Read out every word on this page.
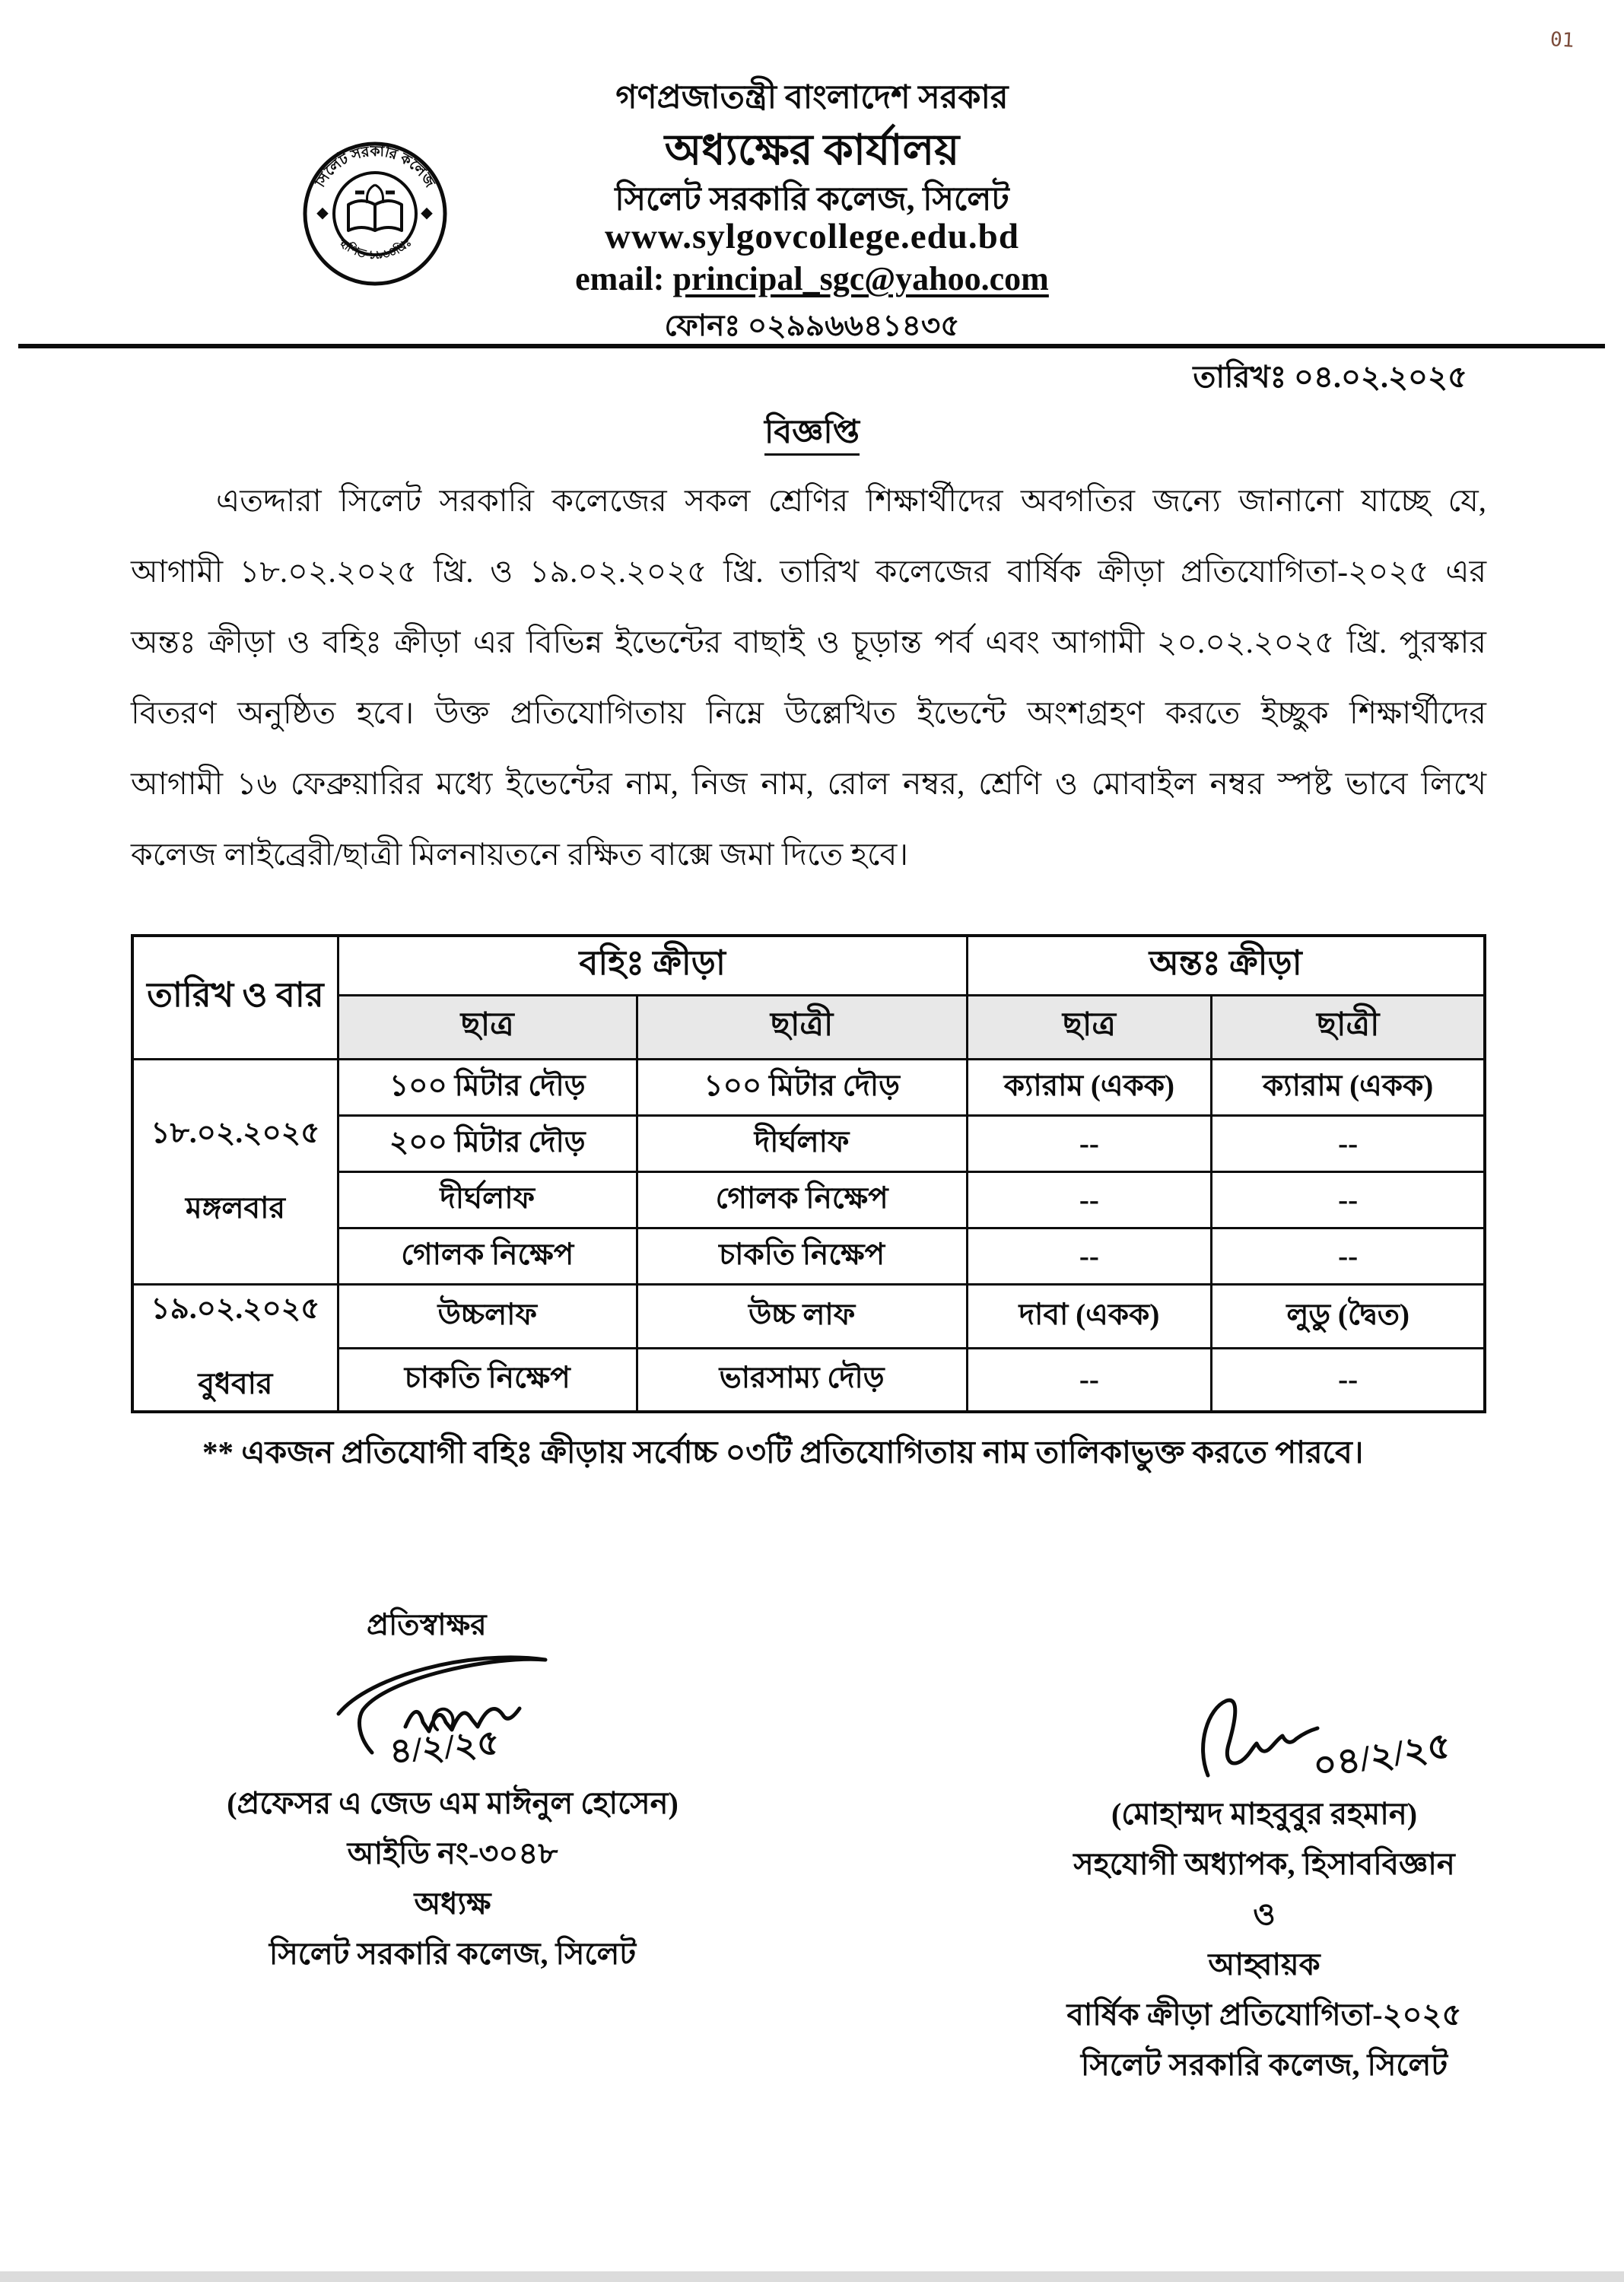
01
সিলেট সরকারি কলেজ
স্থাপিত-১৯৬৪খ্রিঃ
গণপ্রজাতন্ত্রী বাংলাদেশ সরকার
অধ্যক্ষের কার্যালয়
সিলেট সরকারি কলেজ, সিলেট
www.sylgovcollege.edu.bd
email: principal_sgc@yahoo.com
ফোনঃ ০২৯৯৬৬৪১৪৩৫
তারিখঃ ০৪.০২.২০২৫
বিজ্ঞপ্তি
এতদ্দারা সিলেট সরকারি কলেজের সকল শ্রেণির শিক্ষার্থীদের অবগতির জন্যে জানানো যাচ্ছে যে,
আগামী ১৮.০২.২০২৫ খ্রি. ও ১৯.০২.২০২৫ খ্রি. তারিখ কলেজের বার্ষিক ক্রীড়া প্রতিযোগিতা-২০২৫ এর
অন্তঃ ক্রীড়া ও বহিঃ ক্রীড়া এর বিভিন্ন ইভেন্টের বাছাই ও চূড়ান্ত পর্ব এবং আগামী ২০.০২.২০২৫ খ্রি. পুরস্কার
বিতরণ অনুষ্ঠিত হবে। উক্ত প্রতিযোগিতায় নিম্নে উল্লেখিত ইভেন্টে অংশগ্রহণ করতে ইচ্ছুক শিক্ষার্থীদের
আগামী ১৬ ফেব্রুয়ারির মধ্যে ইভেন্টের নাম, নিজ নাম, রোল নম্বর, শ্রেণি ও মোবাইল নম্বর স্পষ্ট ভাবে লিখে
কলেজ লাইব্রেরী/ছাত্রী মিলনায়তনে রক্ষিত বাক্সে জমা দিতে হবে।
তারিখ ও বার	বহিঃ ক্রীড়া		অন্তঃ ক্রীড়া	
	ছাত্র	ছাত্রী	ছাত্র	ছাত্রী

১৮.০২.২০২৫
মঙ্গলবার	১০০ মিটার দৌড়	১০০ মিটার দৌড়	ক্যারাম (একক)	ক্যারাম (একক)
	২০০ মিটার দৌড়	দীর্ঘলাফ	--	--
	দীর্ঘলাফ	গোলক নিক্ষেপ	--	--
	গোলক নিক্ষেপ	চাকতি নিক্ষেপ	--	--

১৯.০২.২০২৫
বুধবার	উচ্চলাফ	উচ্চ লাফ	দাবা (একক)	লুডু (দ্বৈত)
	চাকতি নিক্ষেপ	ভারসাম্য দৌড়	--	--
** একজন প্রতিযোগী বহিঃ ক্রীড়ায় সর্বোচ্চ ০৩টি প্রতিযোগিতায় নাম তালিকাভুক্ত করতে পারবে।
প্রতিস্বাক্ষর
৪/২/২৫
(প্রফেসর এ জেড এম মাঈনুল হোসেন)
আইডি নং-৩০৪৮
অধ্যক্ষ
সিলেট সরকারি কলেজ, সিলেট
০৪/২/২৫
(মোহাম্মদ মাহবুবুর রহমান)
সহযোগী অধ্যাপক, হিসাববিজ্ঞান
ও
আহ্বায়ক
বার্ষিক ক্রীড়া প্রতিযোগিতা-২০২৫
সিলেট সরকারি কলেজ, সিলেট
